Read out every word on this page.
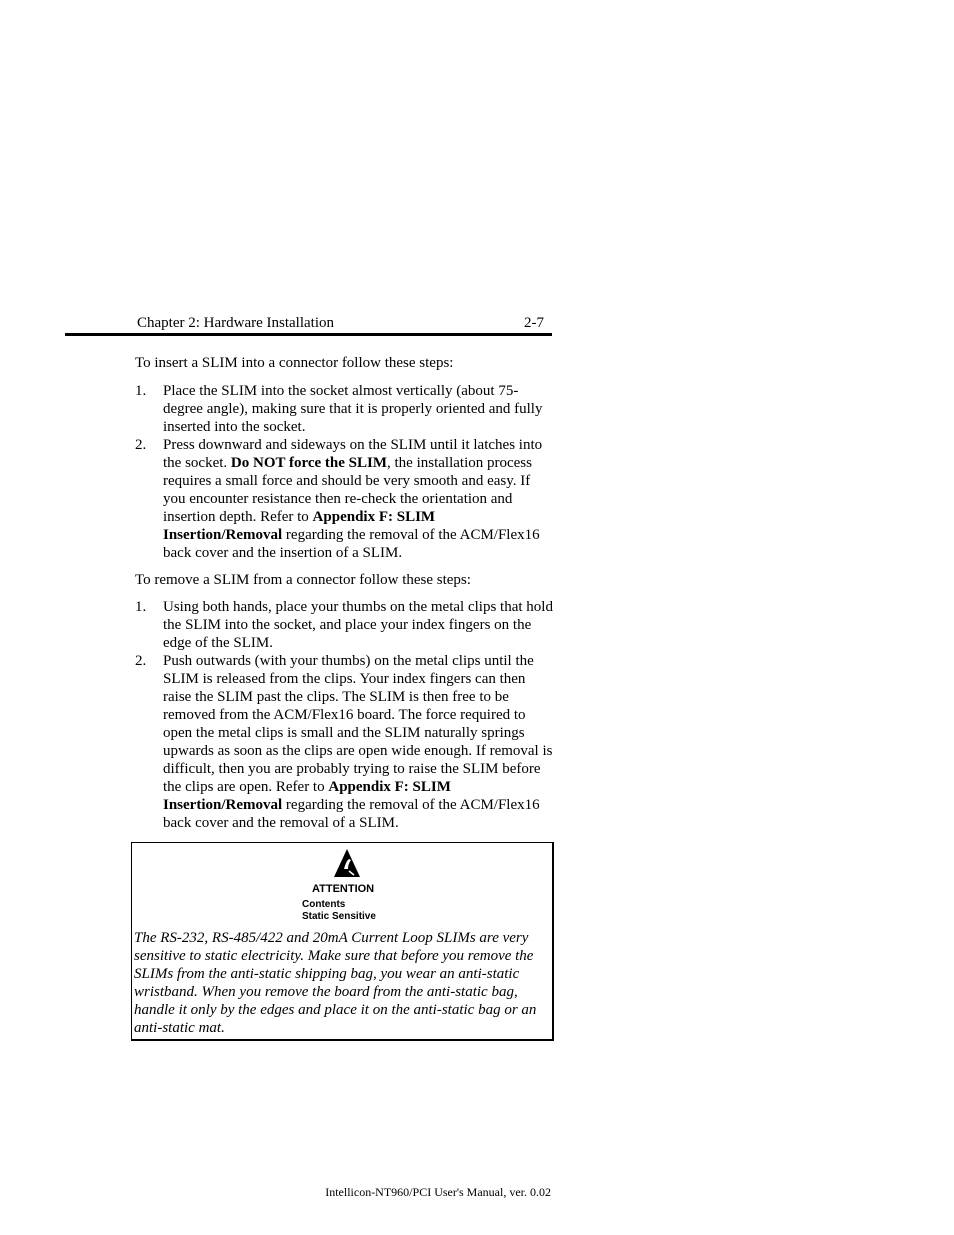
Chapter 2: Hardware Installation	2-7

To insert a SLIM into a connector follow these steps:

1. Place the SLIM into the socket almost vertically (about 75-degree angle), making sure that it is properly oriented and fully inserted into the socket.
2. Press downward and sideways on the SLIM until it latches into the socket. Do NOT force the SLIM, the installation process requires a small force and should be very smooth and easy. If you encounter resistance then re-check the orientation and insertion depth. Refer to Appendix F: SLIM Insertion/Removal regarding the removal of the ACM/Flex16 back cover and the insertion of a SLIM.

To remove a SLIM from a connector follow these steps:

1. Using both hands, place your thumbs on the metal clips that hold the SLIM into the socket, and place your index fingers on the edge of the SLIM.
2. Push outwards (with your thumbs) on the metal clips until the SLIM is released from the clips. Your index fingers can then raise the SLIM past the clips. The SLIM is then free to be removed from the ACM/Flex16 board. The force required to open the metal clips is small and the SLIM naturally springs upwards as soon as the clips are open wide enough. If removal is difficult, then you are probably trying to raise the SLIM before the clips are open. Refer to Appendix F: SLIM Insertion/Removal regarding the removal of the ACM/Flex16 back cover and the removal of a SLIM.
ATTENTION
Contents
Static Sensitive

The RS-232, RS-485/422 and 20mA Current Loop SLIMs are very sensitive to static electricity. Make sure that before you remove the SLIMs from the anti-static shipping bag, you wear an anti-static wristband. When you remove the board from the anti-static bag, handle it only by the edges and place it on the anti-static bag or an anti-static mat.

Intellicon-NT960/PCI User's Manual, ver. 0.02
